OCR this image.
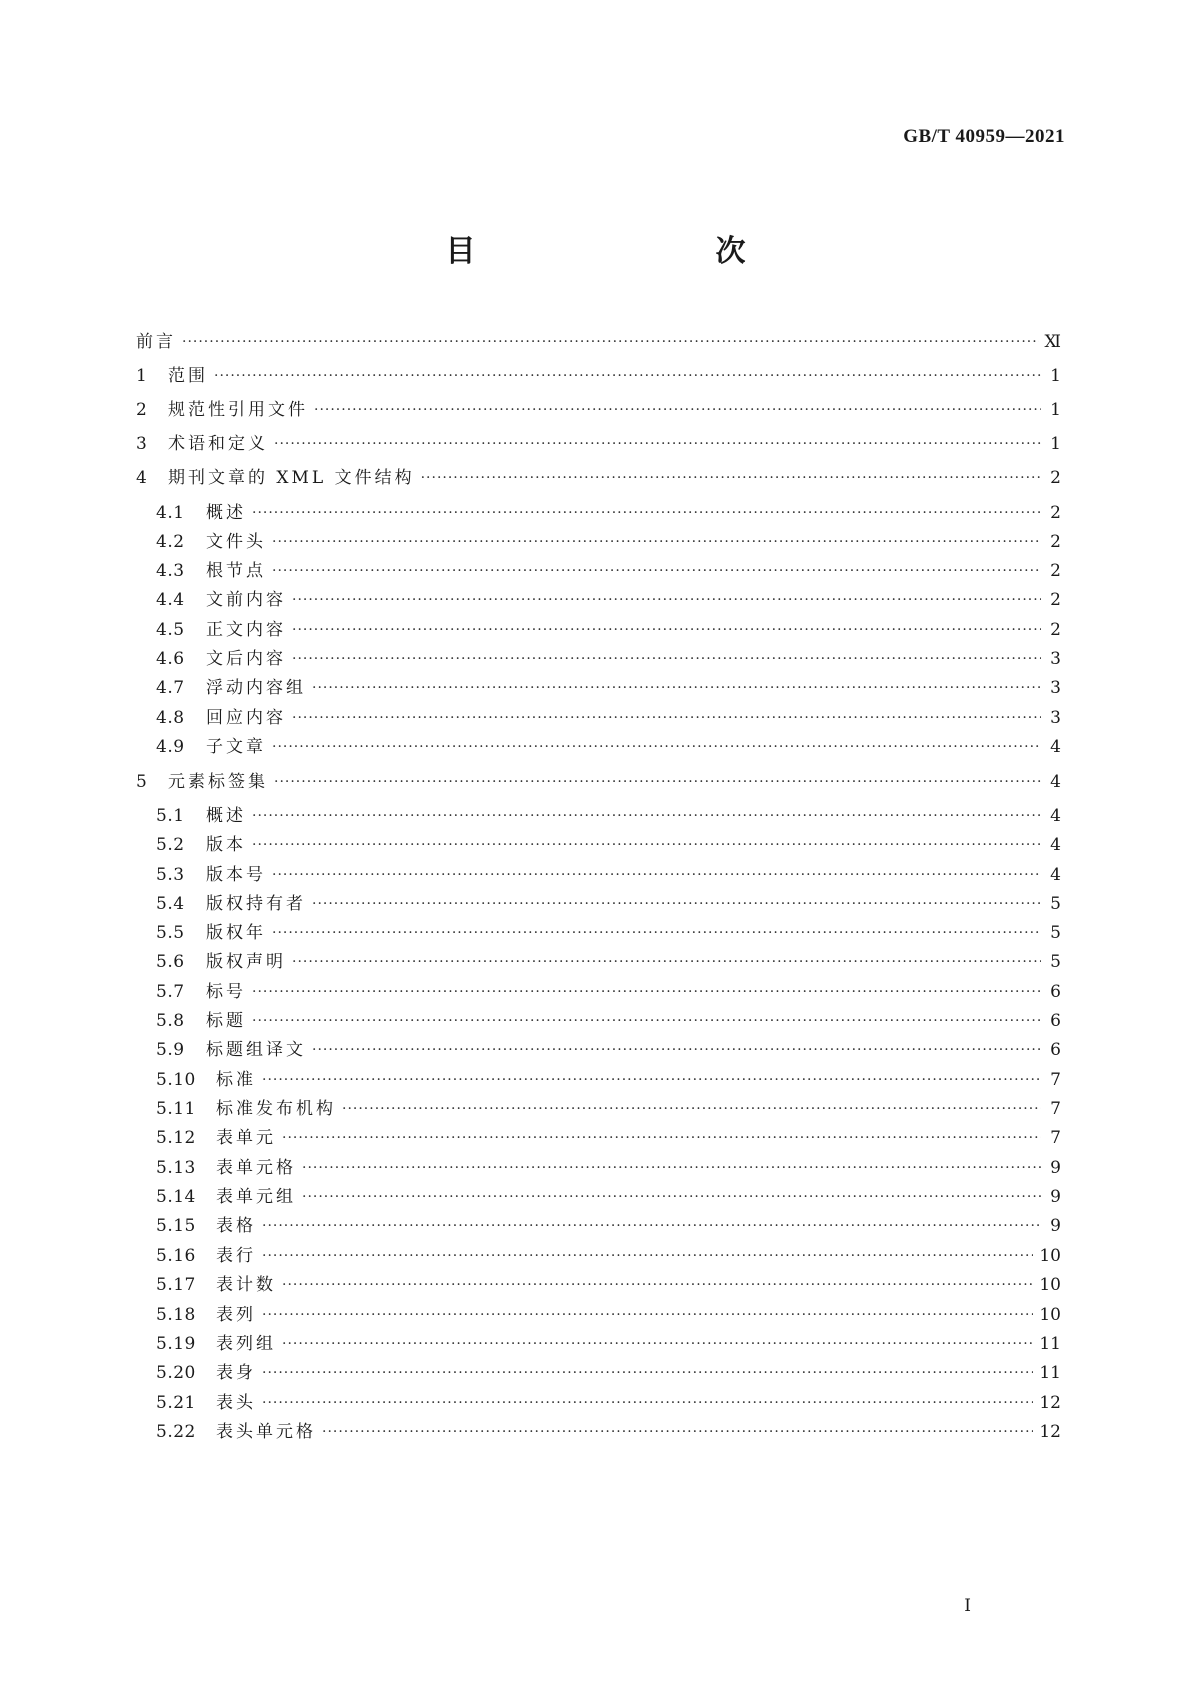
GB/T 40959—2021
目　　次
前言 ·····	Ⅺ
1	范围 ·····	1
2	规范性引用文件 ·····	1
3	术语和定义 ·····	1
4	期刊文章的 XML 文件结构 ·····	2
4.1	概述 ·····	2
4.2	文件头 ·····	2
4.3	根节点 ·····	2
4.4	文前内容 ·····	2
4.5	正文内容 ·····	2
4.6	文后内容 ·····	3
4.7	浮动内容组 ·····	3
4.8	回应内容 ·····	3
4.9	子文章 ·····	4
5	元素标签集 ·····	4
5.1	概述 ·····	4
5.2	版本 ·····	4
5.3	版本号 ·····	4
5.4	版权持有者 ·····	5
5.5	版权年 ·····	5
5.6	版权声明 ·····	5
5.7	标号 ·····	6
5.8	标题 ·····	6
5.9	标题组译文 ·····	6
5.10	标准 ·····	7
5.11	标准发布机构 ·····	7
5.12	表单元 ·····	7
5.13	表单元格 ·····	9
5.14	表单元组 ·····	9
5.15	表格 ·····	9
5.16	表行 ·····	10
5.17	表计数 ·····	10
5.18	表列 ·····	10
5.19	表列组 ·····	11
5.20	表身 ·····	11
5.21	表头 ·····	12
5.22	表头单元格 ·····	12
Ⅰ
